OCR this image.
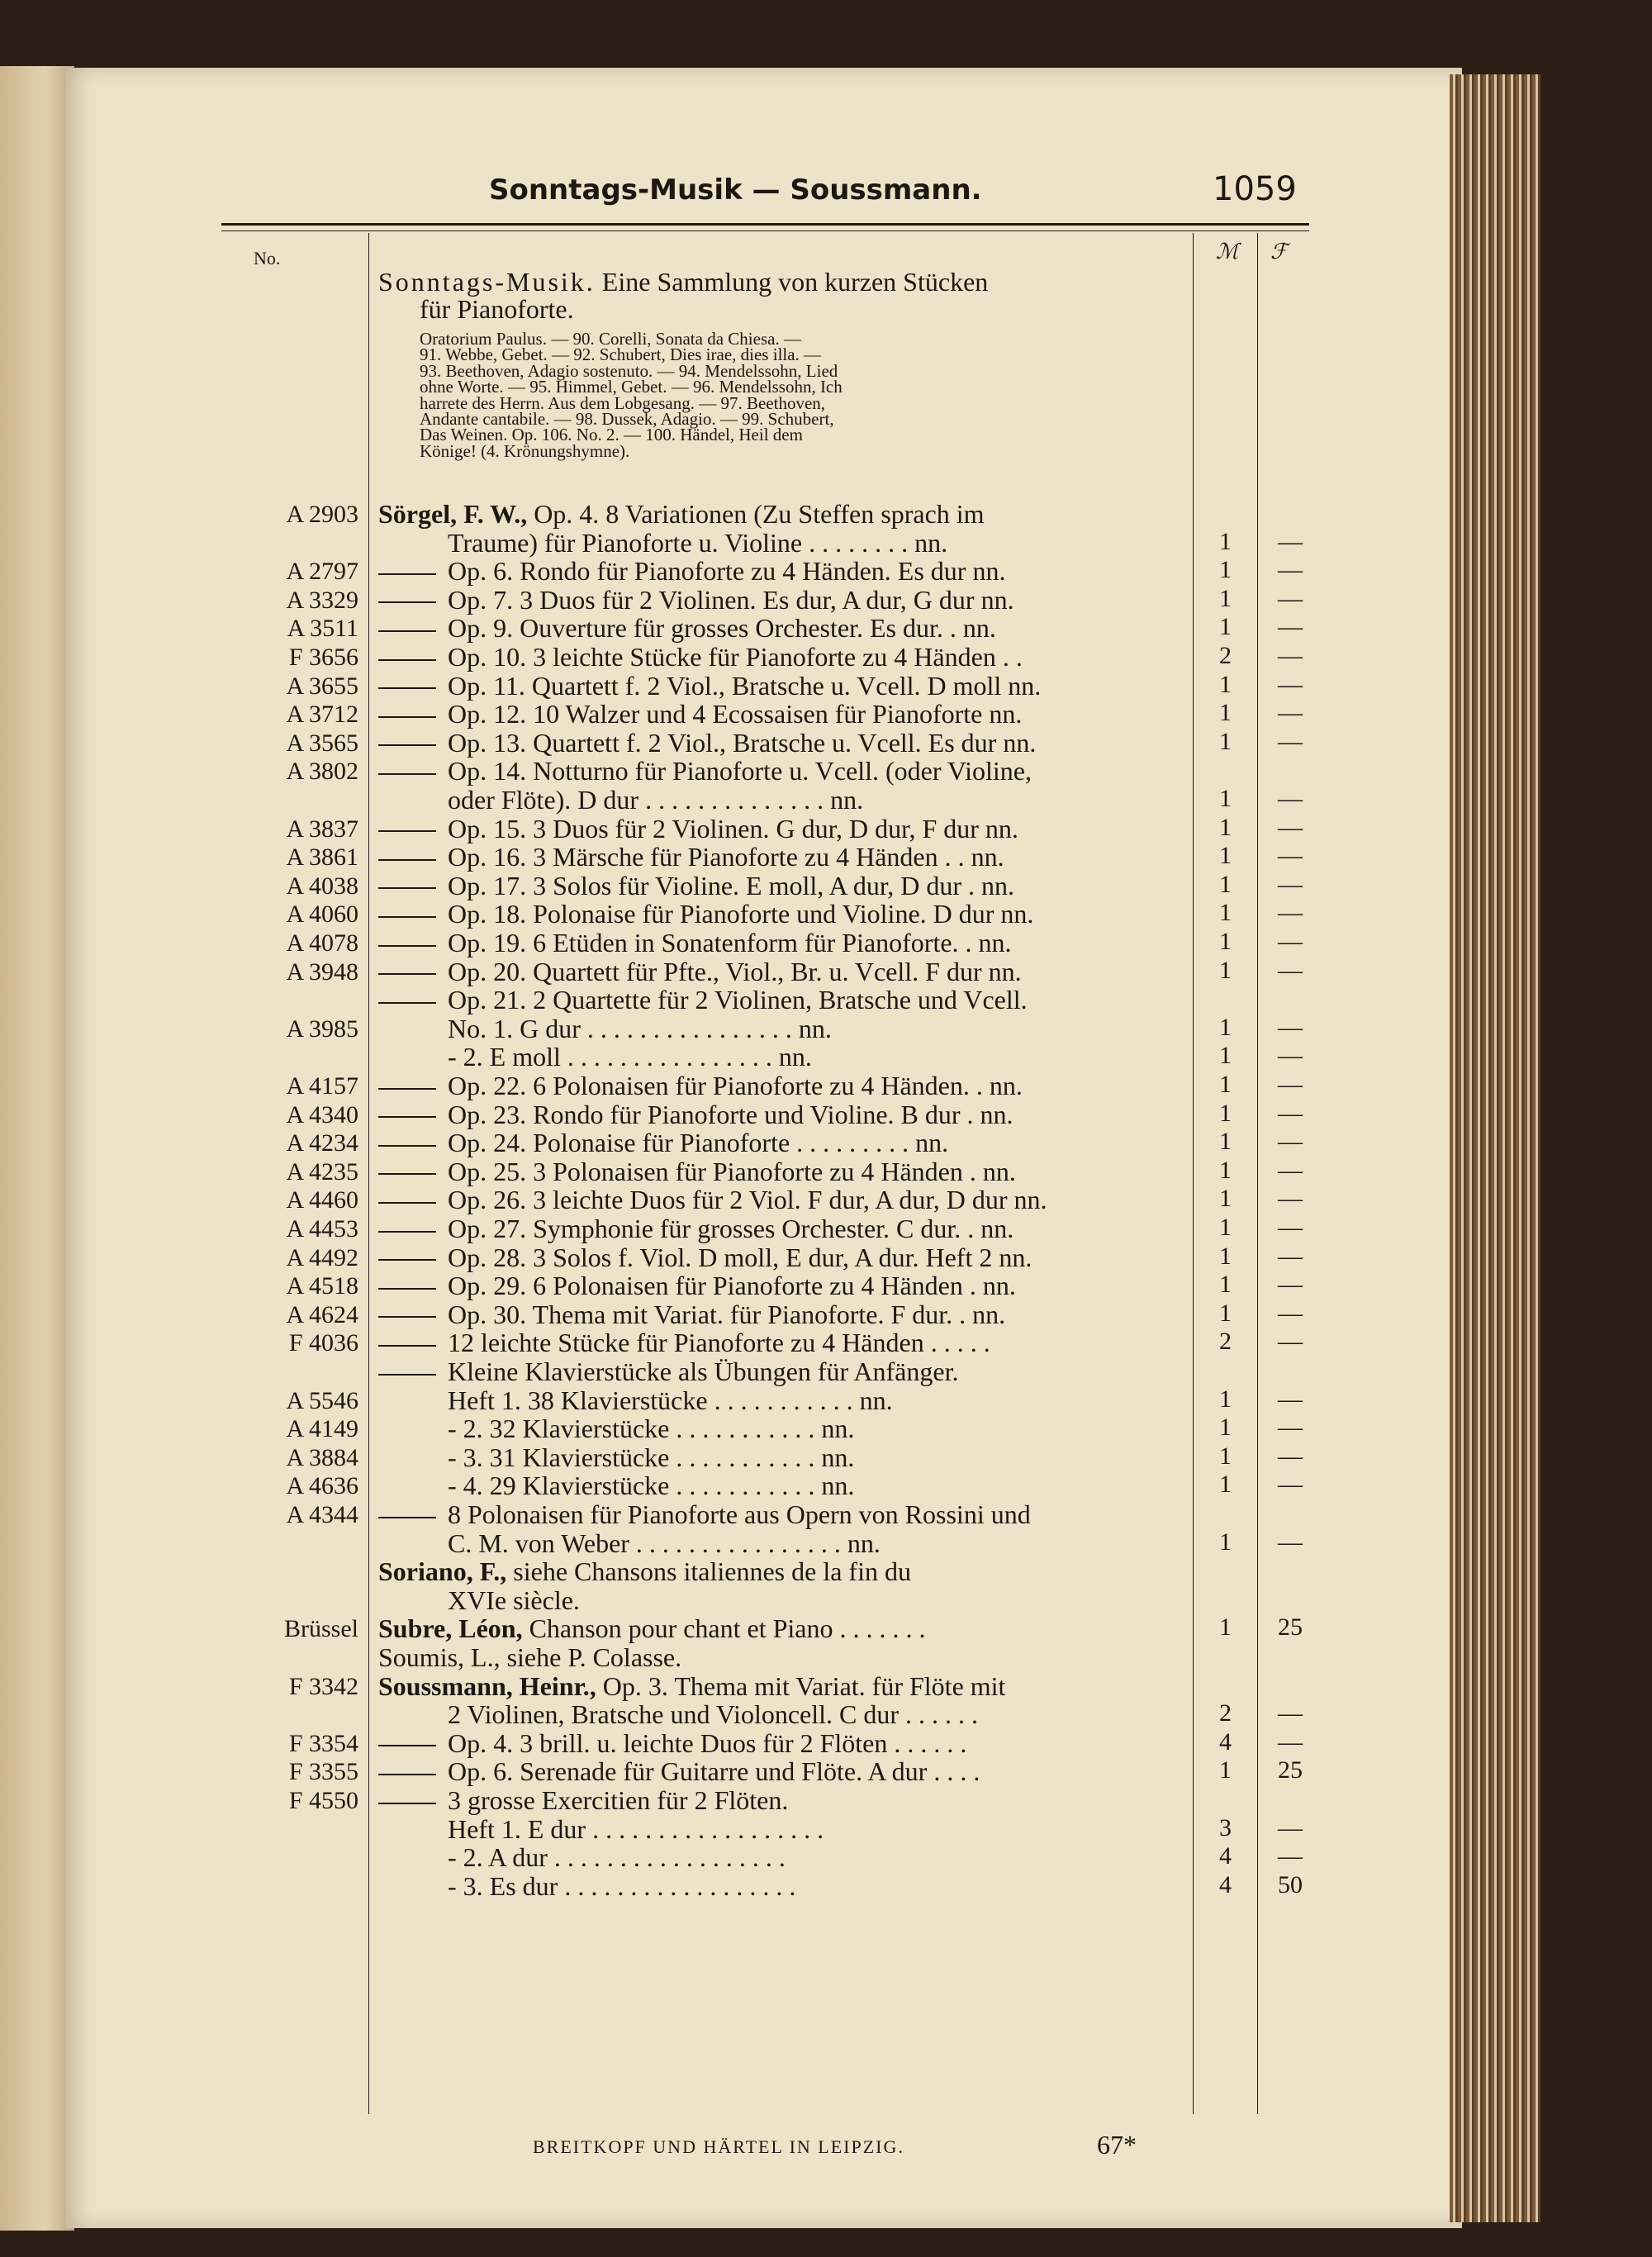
Sonntags-Musik — Soussmann.	1059
No.	ℳ ℱ
Sonntags-Musik. Eine Sammlung von kurzen Stücken
für Pianoforte.
Oratorium Paulus. — 90. Corelli, Sonata da Chiesa. —
91. Webbe, Gebet. — 92. Schubert, Dies irae, dies illa. —
93. Beethoven, Adagio sostenuto. — 94. Mendelssohn, Lied
ohne Worte. — 95. Himmel, Gebet. — 96. Mendelssohn, Ich
harrete des Herrn. Aus dem Lobgesang. — 97. Beethoven,
Andante cantabile. — 98. Dussek, Adagio. — 99. Schubert,
Das Weinen. Op. 106. No. 2. — 100. Händel, Heil dem
Könige! (4. Krönungshymne).
A 2903 Sörgel, F. W., Op. 4. 8 Variationen (Zu Steffen sprach im
Traume) für Pianoforte u. Violine . . . . . . . . nn.	1	—
A 2797	Op. 6. Rondo für Pianoforte zu 4 Händen. Es dur nn.	1	—
A 3329	Op. 7. 3 Duos für 2 Violinen. Es dur, A dur, G dur nn.	1	—
A 3511	Op. 9. Ouverture für grosses Orchester. Es dur. . nn.	1	—
F 3656	Op. 10. 3 leichte Stücke für Pianoforte zu 4 Händen . .	2	—
A 3655	Op. 11. Quartett f. 2 Viol., Bratsche u. Vcell. D moll nn.	1	—
A 3712	Op. 12. 10 Walzer und 4 Ecossaisen für Pianoforte nn.	1	—
A 3565	Op. 13. Quartett f. 2 Viol., Bratsche u. Vcell. Es dur nn.	1	—
A 3802	Op. 14. Notturno für Pianoforte u. Vcell. (oder Violine,
oder Flöte). D dur . . . . . . . . . . . . . . nn.	1	—
A 3837	Op. 15. 3 Duos für 2 Violinen. G dur, D dur, F dur nn.	1	—
A 3861	Op. 16. 3 Märsche für Pianoforte zu 4 Händen . . nn.	1	—
A 4038	Op. 17. 3 Solos für Violine. E moll, A dur, D dur . nn.	1	—
A 4060	Op. 18. Polonaise für Pianoforte und Violine. D dur nn.	1	—
A 4078	Op. 19. 6 Etüden in Sonatenform für Pianoforte. . nn.	1	—
A 3948	Op. 20. Quartett für Pfte., Viol., Br. u. Vcell. F dur nn.	1	—
Op. 21. 2 Quartette für 2 Violinen, Bratsche und Vcell.
A 3985	No. 1. G dur . . . . . . . . . . . . . . . . nn.	1	—
- 2. E moll . . . . . . . . . . . . . . . . nn.	1	—
A 4157	Op. 22. 6 Polonaisen für Pianoforte zu 4 Händen. . nn.	1	—
A 4340	Op. 23. Rondo für Pianoforte und Violine. B dur . nn.	1	—
A 4234	Op. 24. Polonaise für Pianoforte . . . . . . . . . nn.	1	—
A 4235	Op. 25. 3 Polonaisen für Pianoforte zu 4 Händen . nn.	1	—
A 4460	Op. 26. 3 leichte Duos für 2 Viol. F dur, A dur, D dur nn.	1	—
A 4453	Op. 27. Symphonie für grosses Orchester. C dur. . nn.	1	—
A 4492	Op. 28. 3 Solos f. Viol. D moll, E dur, A dur. Heft 2 nn.	1	—
A 4518	Op. 29. 6 Polonaisen für Pianoforte zu 4 Händen . nn.	1	—
A 4624	Op. 30. Thema mit Variat. für Pianoforte. F dur. . nn.	1	—
F 4036	12 leichte Stücke für Pianoforte zu 4 Händen . . . . .	2	—
Kleine Klavierstücke als Übungen für Anfänger.
A 5546	Heft 1. 38 Klavierstücke . . . . . . . . . . . nn.	1	—
A 4149	- 2. 32 Klavierstücke . . . . . . . . . . . nn.	1	—
A 3884	- 3. 31 Klavierstücke . . . . . . . . . . . nn.	1	—
A 4636	- 4. 29 Klavierstücke . . . . . . . . . . . nn.	1	—
A 4344	8 Polonaisen für Pianoforte aus Opern von Rossini und
C. M. von Weber . . . . . . . . . . . . . . . . nn.	1	—
Soriano, F., siehe Chansons italiennes de la fin du
XVIe siècle.
Brüssel Subre, Léon, Chanson pour chant et Piano . . . . . . .	1	25
Soumis, L., siehe P. Colasse.
F 3342 Soussmann, Heinr., Op. 3. Thema mit Variat. für Flöte mit
2 Violinen, Bratsche und Violoncell. C dur . . . . . .	2	—
F 3354	Op. 4. 3 brill. u. leichte Duos für 2 Flöten . . . . . .	4	—
F 3355	Op. 6. Serenade für Guitarre und Flöte. A dur . . . .	1	25
F 4550	3 grosse Exercitien für 2 Flöten.
Heft 1. E dur . . . . . . . . . . . . . . . . . .	3	—
- 2. A dur . . . . . . . . . . . . . . . . . .	4	—
- 3. Es dur . . . . . . . . . . . . . . . . . .	4	50
BREITKOPF UND HÄRTEL IN LEIPZIG.	67*
